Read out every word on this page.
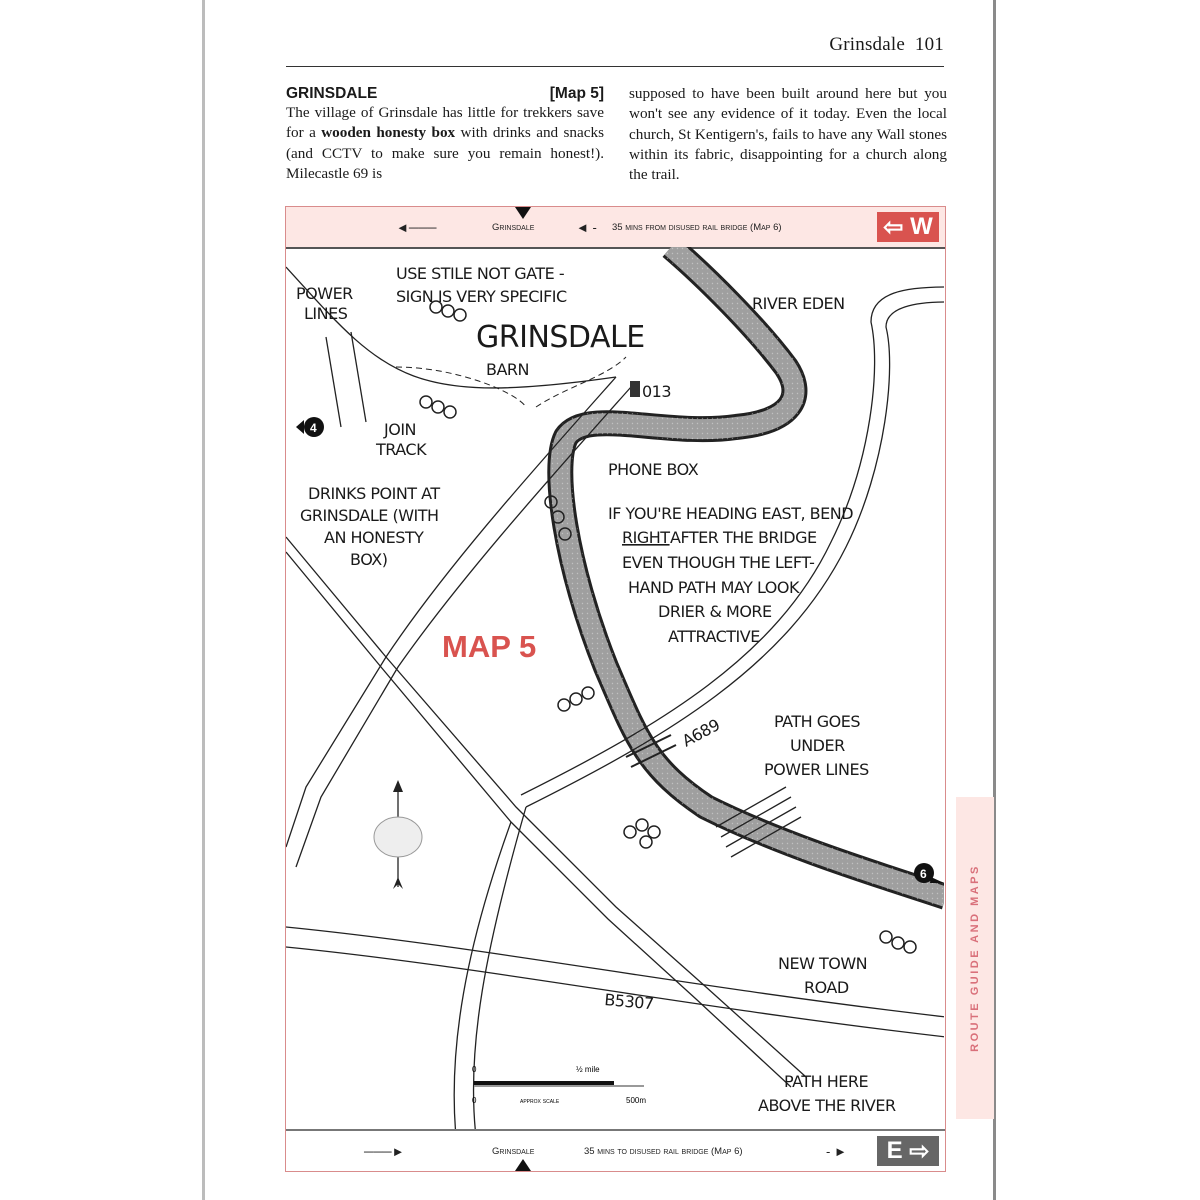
Grinsdale 101
GRINSDALE	[Map 5]
The village of Grinsdale has little for trekkers save for a wooden honesty box with drinks and snacks (and CCTV to make sure you remain honest!). Milecastle 69 is
supposed to have been built around here but you won't see any evidence of it today. Even the local church, St Kentigern's, fails to have any Wall stones within its fabric, disappointing for a church along the trail.
◄───	Grinsdale	◄ - 35 mins from disused rail bridge (Map 6)	⇦ W
4
6
POWER
LINES
USE STILE NOT GATE -
SIGN IS VERY SPECIFIC
GRINSDALE
BARN
JOIN
TRACK
013
RIVER EDEN
PHONE BOX
DRINKS POINT AT
GRINSDALE (WITH
AN HONESTY
BOX)
IF YOU'RE HEADING EAST, BEND
RIGHT AFTER THE BRIDGE
EVEN THOUGH THE LEFT-
HAND PATH MAY LOOK
DRIER & MORE
ATTRACTIVE
MAP 5
A689	PATH GOES
UNDER
POWER LINES
NEW TOWN
ROAD
B5307
PATH HERE
ABOVE THE RIVER
0	½ mile
0	approx scale	500m
───►	Grinsdale	35 mins to disused rail bridge (Map 6)	- ► E ⇨
ROUTE GUIDE AND MAPS
